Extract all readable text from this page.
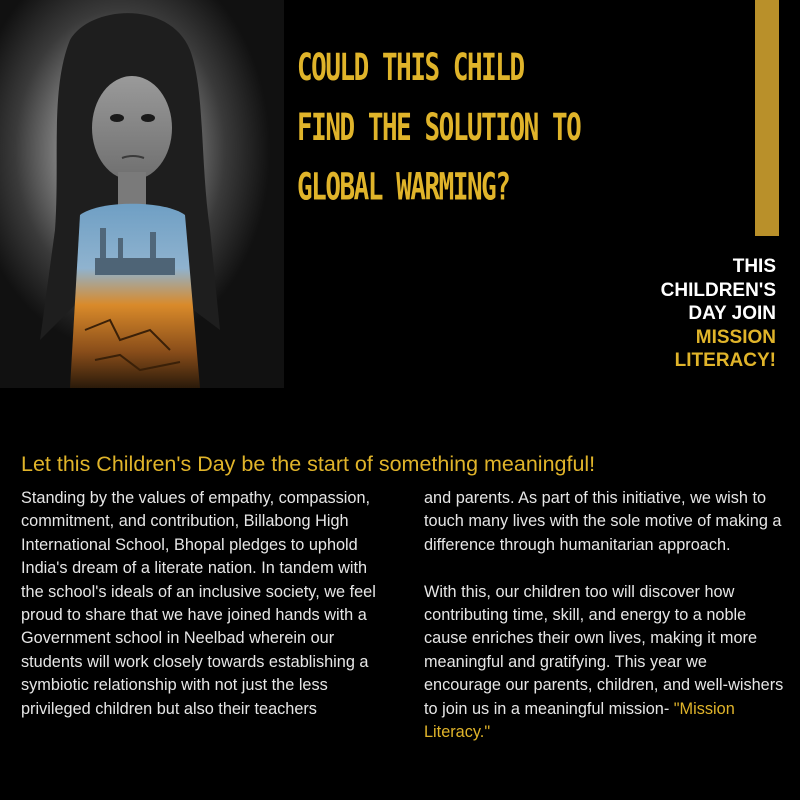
COULD THIS CHILD
FIND THE SOLUTION TO
GLOBAL WARMING?
THIS
CHILDREN'S
DAY JOIN
MISSION
LITERACY!
Let this Children's Day be the start of something meaningful!

Standing by the values of empathy, compassion, commitment, and contribution, Billabong High International School, Bhopal pledges to uphold India's dream of a literate nation. In tandem with the school's ideals of an inclusive society, we feel proud to share that we have joined hands with a Government school in Neelbad wherein our students will work closely towards establishing a symbiotic relationship with not just the less privileged children but also their teachers

and parents. As part of this initiative, we wish to touch many lives with the sole motive of making a difference through humanitarian approach.

With this, our children too will discover how contributing time, skill, and energy to a noble cause enriches their own lives, making it more meaningful and gratifying. This year we encourage our parents, children, and well-wishers to join us in a meaningful mission- "Mission Literacy."
